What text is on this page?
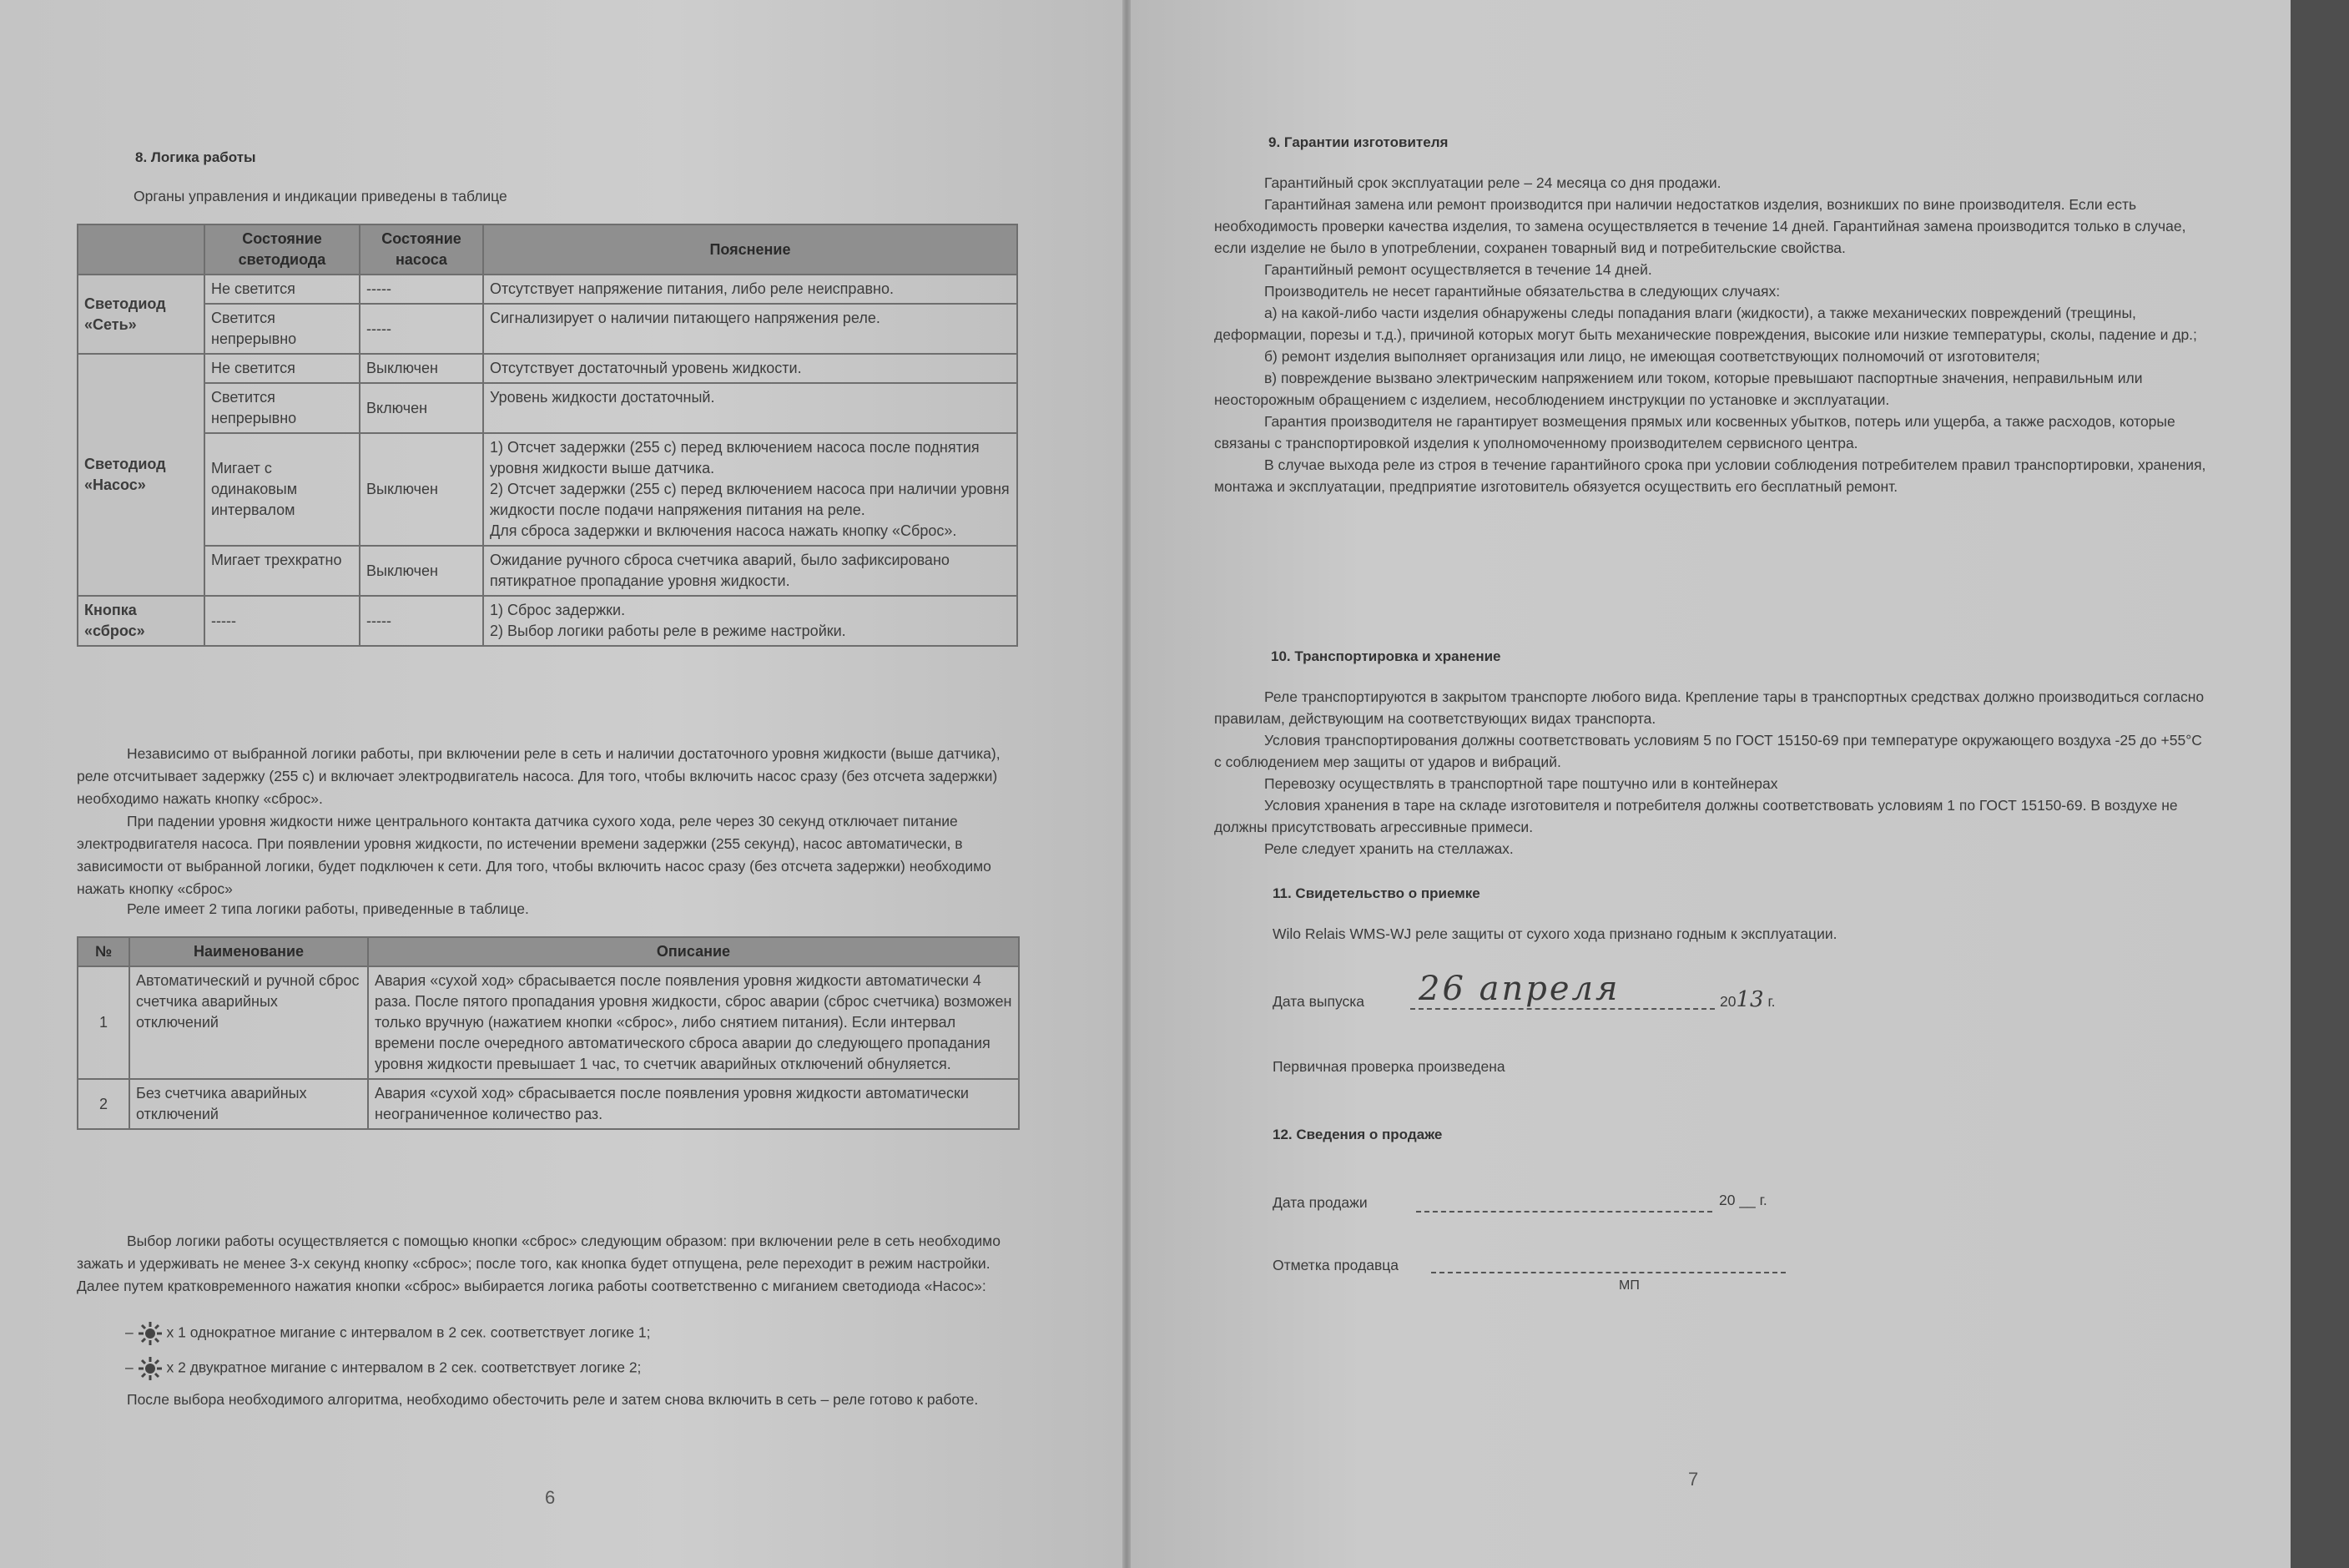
8. Логика работы
Органы управления и индикации приведены в таблице
	Состояние светодиода	Состояние насоса	Пояснение
Светодиод «Сеть»	Не светится	-----	Отсутствует напряжение питания, либо реле неисправно.
	Светится непрерывно	-----	Сигнализирует о наличии питающего напряжения реле.
Светодиод «Насос»	Не светится	Выключен	Отсутствует достаточный уровень жидкости.
	Светится непрерывно	Включен	Уровень жидкости достаточный.
	Мигает с одинаковым интервалом	Выключен	1) Отсчет задержки (255 с) перед включением насоса после поднятия уровня жидкости выше датчика.
2) Отсчет задержки (255 с) перед включением насоса при наличии уровня жидкости после подачи напряжения питания на реле.
Для сброса задержки и включения насоса нажать кнопку «Сброс».
	Мигает трехкратно	Выключен	Ожидание ручного сброса счетчика аварий, было зафиксировано пятикратное пропадание уровня жидкости.
Кнопка «сброс»	-----	-----	1) Сброс задержки.
2) Выбор логики работы реле в режиме настройки.
Независимо от выбранной логики работы, при включении реле в сеть и наличии достаточного уровня жидкости (выше датчика), реле отсчитывает задержку (255 с) и включает электродвигатель насоса. Для того, чтобы включить насос сразу (без отсчета задержки) необходимо нажать кнопку «сброс».
При падении уровня жидкости ниже центрального контакта датчика сухого хода, реле через 30 секунд отключает питание электродвигателя насоса. При появлении уровня жидкости, по истечении времени задержки (255 секунд), насос автоматически, в зависимости от выбранной логики, будет подключен к сети. Для того, чтобы включить насос сразу (без отсчета задержки) необходимо нажать кнопку «сброс»
Реле имеет 2 типа логики работы, приведенные в таблице.
№	Наименование	Описание
1	Автоматический и ручной сброс счетчика аварийных отключений	Авария «сухой ход» сбрасывается после появления уровня жидкости автоматически 4 раза. После пятого пропадания уровня жидкости, сброс аварии (сброс счетчика) возможен только вручную (нажатием кнопки «сброс», либо снятием питания). Если интервал времени после очередного автоматического сброса аварии до следующего пропадания уровня жидкости превышает 1 час, то счетчик аварийных отключений обнуляется.
2	Без счетчика аварийных отключений	Авария «сухой ход» сбрасывается после появления уровня жидкости автоматически неограниченное количество раз.
Выбор логики работы осуществляется с помощью кнопки «сброс» следующим образом: при включении реле в сеть необходимо зажать и удерживать не менее 3-х секунд кнопку «сброс»; после того, как кнопка будет отпущена, реле переходит в режим настройки. Далее путем кратковременного нажатия кнопки «сброс» выбирается логика работы соответственно с миганием светодиода «Насос»:
– х 1 однократное мигание с интервалом в 2 сек. соответствует логике 1;
– х 2 двукратное мигание с интервалом в 2 сек. соответствует логике 2;
После выбора необходимого алгоритма, необходимо обесточить реле и затем снова включить в сеть – реле готово к работе.
6
9. Гарантии изготовителя
Гарантийный срок эксплуатации реле – 24 месяца со дня продажи.
Гарантийная замена или ремонт производится при наличии недостатков изделия, возникших по вине производителя. Если есть необходимость проверки качества изделия, то замена осуществляется в течение 14 дней. Гарантийная замена производится только в случае, если изделие не было в употреблении, сохранен товарный вид и потребительские свойства.
Гарантийный ремонт осуществляется в течение 14 дней.
Производитель не несет гарантийные обязательства в следующих случаях:
а) на какой-либо части изделия обнаружены следы попадания влаги (жидкости), а также механических повреждений (трещины, деформации, порезы и т.д.), причиной которых могут быть механические повреждения, высокие или низкие температуры, сколы, падение и др.;
б) ремонт изделия выполняет организация или лицо, не имеющая соответствующих полномочий от изготовителя;
в) повреждение вызвано электрическим напряжением или током, которые превышают паспортные значения, неправильным или неосторожным обращением с изделием, несоблюдением инструкции по установке и эксплуатации.
Гарантия производителя не гарантирует возмещения прямых или косвенных убытков, потерь или ущерба, а также расходов, которые связаны с транспортировкой изделия к уполномоченному производителем сервисного центра.
В случае выхода реле из строя в течение гарантийного срока при условии соблюдения потребителем правил транспортировки, хранения, монтажа и эксплуатации, предприятие изготовитель обязуется осуществить его бесплатный ремонт.
10. Транспортировка и хранение
Реле транспортируются в закрытом транспорте любого вида. Крепление тары в транспортных средствах должно производиться согласно правилам, действующим на соответствующих видах транспорта.
Условия транспортирования должны соответствовать условиям 5 по ГОСТ 15150-69 при температуре окружающего воздуха -25 до +55°С с соблюдением мер защиты от ударов и вибраций.
Перевозку осуществлять в транспортной таре поштучно или в контейнерах
Условия хранения в таре на складе изготовителя и потребителя должны соответствовать условиям 1 по ГОСТ 15150-69. В воздухе не должны присутствовать агрессивные примеси.
Реле следует хранить на стеллажах.
11. Свидетельство о приемке
Wilo Relais WMS-WJ реле защиты от сухого хода признано годным к эксплуатации.
Дата выпуска 26 апреля	2013 г.
Первичная проверка произведена
12. Сведения о продаже
Дата продажи	20 __ г.
Отметка продавца
МП
7
